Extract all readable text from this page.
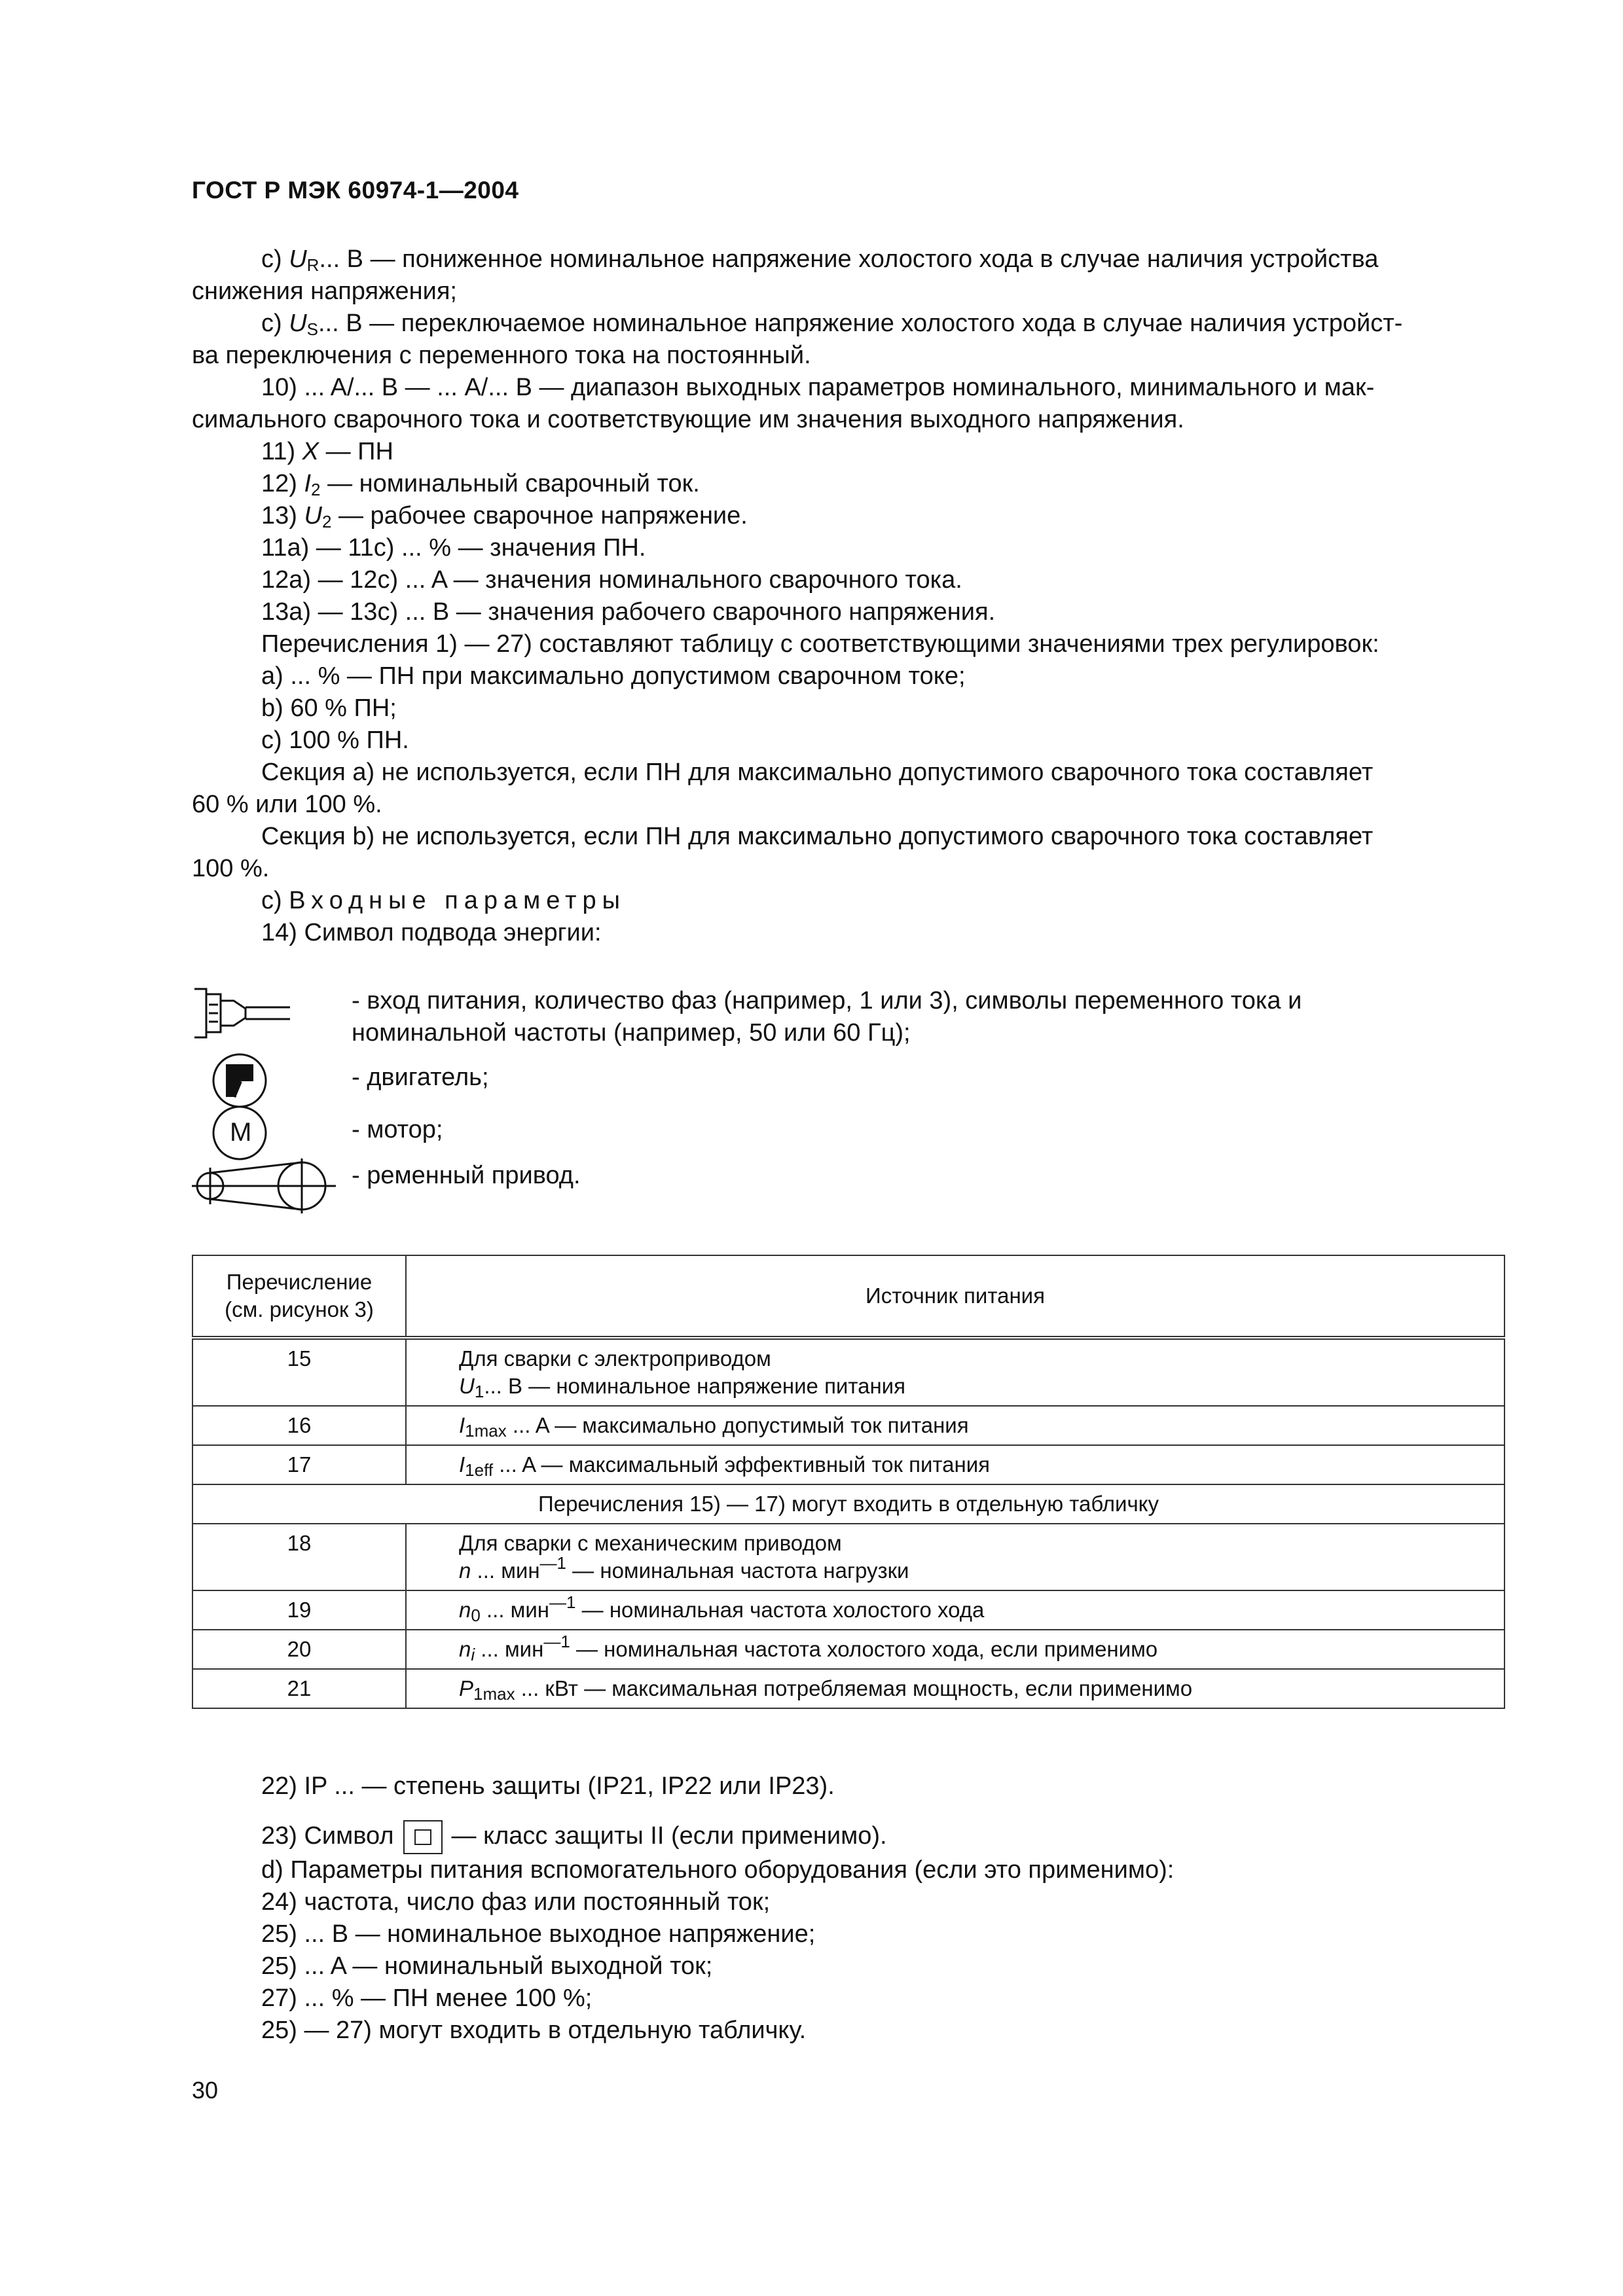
ГОСТ Р МЭК 60974-1—2004

c) $U_R$... В — пониженное номинальное напряжение холостого хода в случае наличия устройства

снижения напряжения;

c) $U_S$... В — переключаемое номинальное напряжение холостого хода в случае наличия устройст-

ва переключения с переменного тока на постоянный.

10) ... A/... В — ... A/... В — диапазон выходных параметров номинального, минимального и мак-

симального сварочного тока и соответствующие им значения выходного напряжения.

11) X — ПН

12) $I_2$ — номинальный сварочный ток.

13) $U_2$ — рабочее сварочное напряжение.

11a) — 11c) ... % — значения ПН.

12a) — 12c) ... A — значения номинального сварочного тока.

13a) — 13c) ... В — значения рабочего сварочного напряжения.

Перечисления 1) — 27) составляют таблицу с соответствующими значениями трех регулировок:

a) ... % — ПН при максимально допустимом сварочном токе;

b) 60 % ПН;

c) 100 % ПН.

Секция a) не используется, если ПН для максимально допустимого сварочного тока составляет

60 % или 100 %.

Секция b) не используется, если ПН для максимально допустимого сварочного тока составляет

100 %.

c) Входные параметры

14) Символ подвода энергии:

- вход питания, количество фаз (например, 1 или 3), символы переменного тока и
номинальной частоты (например, 50 или 60 Гц);
- двигатель;
M	- мотор;
- ременный привод.
Перечисление
(см. рисунок 3)	Источник питания
15	Для сварки с электроприводом
$U_1$... В — номинальное напряжение питания
16	$I_{1max}$ ... A — максимально допустимый ток питания
17	$I_{1eff}$ ... A — максимальный эффективный ток питания
Перечисления 15) — 17) могут входить в отдельную табличку	
18	Для сварки с механическим приводом
n ... мин$^{—1}$ — номинальная частота нагрузки
19	$n_0$ ... мин$^{—1}$ — номинальная частота холостого хода
20	$n_i$ ... мин$^{—1}$ — номинальная частота холостого хода, если применимо
21	$P_{1max}$ ... кВт — максимальная потребляемая мощность, если применимо

22) IP ... — степень защиты (IP21, IP22 или IP23).

23) Символ — класс защиты II (если применимо).

d) Параметры питания вспомогательного оборудования (если это применимо):

24) частота, число фаз или постоянный ток;

25) ... В — номинальное выходное напряжение;

25) ... A — номинальный выходной ток;

27) ... % — ПН менее 100 %;

25) — 27) могут входить в отдельную табличку.

30
